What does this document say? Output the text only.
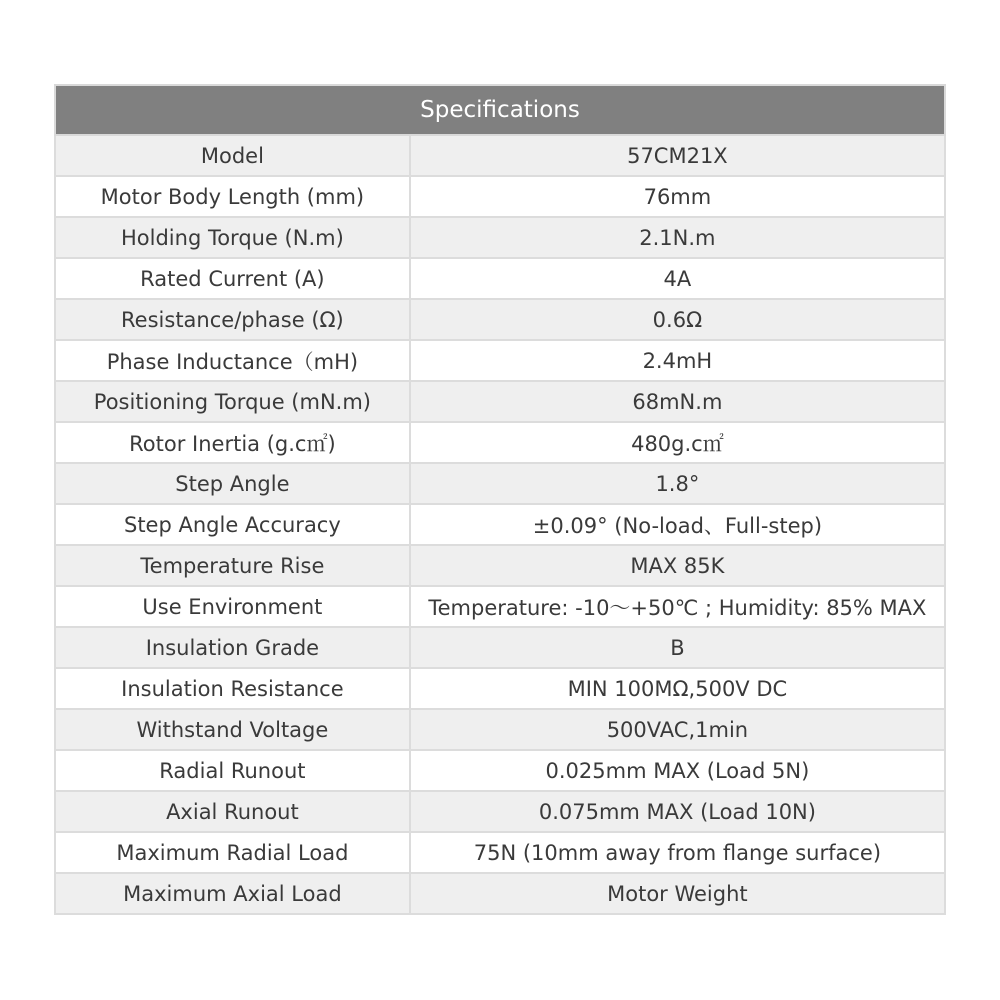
Specifications	
Model	57CM21X
Motor Body Length (mm)	76mm
Holding Torque (N.m)	2.1N.m
Rated Current (A)	4A
Resistance/phase (Ω)	0.6Ω
Phase Inductance（mH)	2.4mH
Positioning Torque (mN.m)	68mN.m
Rotor Inertia (g.c㎡)	480g.c㎡
Step Angle	1.8°
Step Angle Accuracy	±0.09° (No-load、Full-step)
Temperature Rise	MAX 85K
Use Environment	Temperature: -10～+50℃ ; Humidity: 85% MAX
Insulation Grade	B
Insulation Resistance	MIN 100MΩ,500V DC
Withstand Voltage	500VAC,1min
Radial Runout	0.025mm MAX (Load 5N)
Axial Runout	0.075mm MAX (Load 10N)
Maximum Radial Load	75N (10mm away from flange surface)
Maximum Axial Load	Motor Weight
